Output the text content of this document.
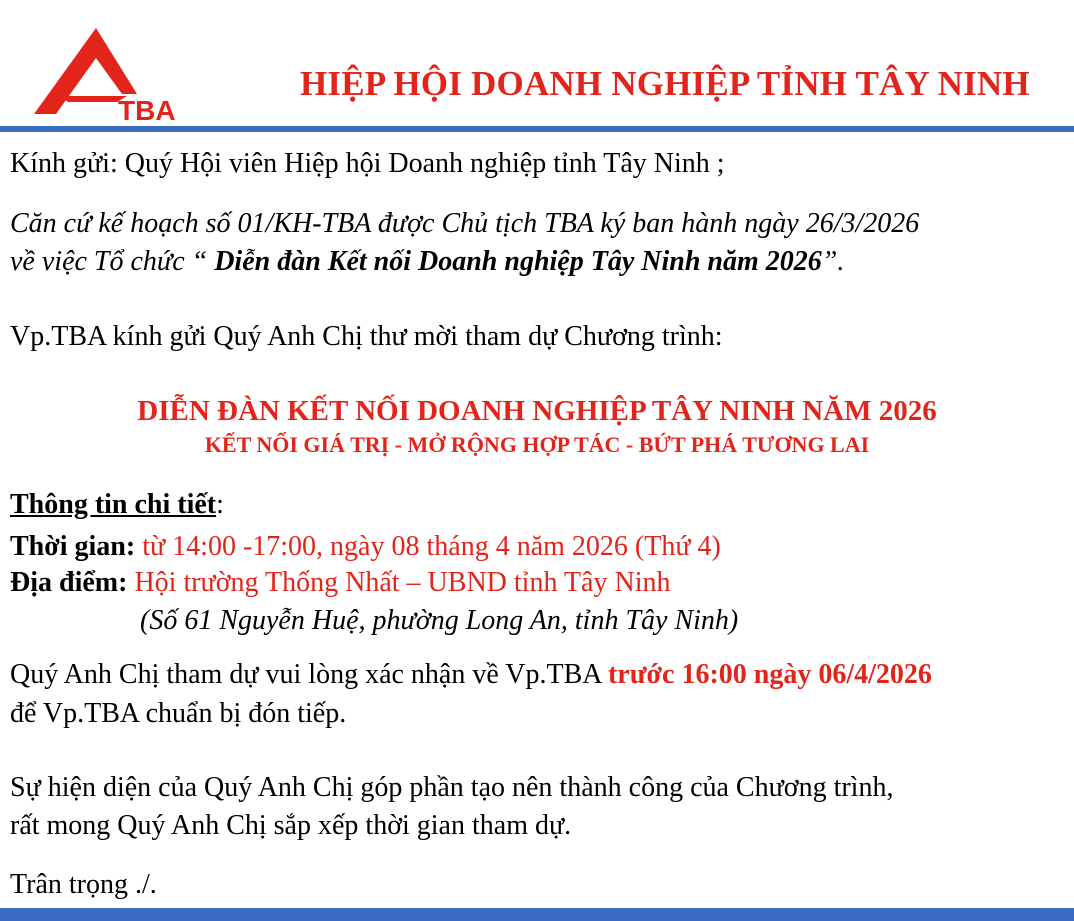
TBA
HIỆP HỘI DOANH NGHIỆP TỈNH TÂY NINH
Kính gửi: Quý Hội viên Hiệp hội Doanh nghiệp tỉnh Tây Ninh ;
Căn cứ kế hoạch số 01/KH-TBA được Chủ tịch TBA ký ban hành ngày 26/3/2026
về việc Tổ chức “ Diễn đàn Kết nối Doanh nghiệp Tây Ninh năm 2026”.
Vp.TBA kính gửi Quý Anh Chị thư mời tham dự Chương trình:
DIỄN ĐÀN KẾT NỐI DOANH NGHIỆP TÂY NINH NĂM 2026
KẾT NỐI GIÁ TRỊ - MỞ RỘNG HỢP TÁC - BỨT PHÁ TƯƠNG LAI
Thông tin chi tiết:
Thời gian: từ 14:00 -17:00, ngày 08 tháng 4 năm 2026 (Thứ 4)
Địa điểm: Hội trường Thống Nhất – UBND tỉnh Tây Ninh
(Số 61 Nguyễn Huệ, phường Long An, tỉnh Tây Ninh)
Quý Anh Chị tham dự vui lòng xác nhận về Vp.TBA trước 16:00 ngày 06/4/2026
để Vp.TBA chuẩn bị đón tiếp.
Sự hiện diện của Quý Anh Chị góp phần tạo nên thành công của Chương trình,
rất mong Quý Anh Chị sắp xếp thời gian tham dự.
Trân trọng ./.
